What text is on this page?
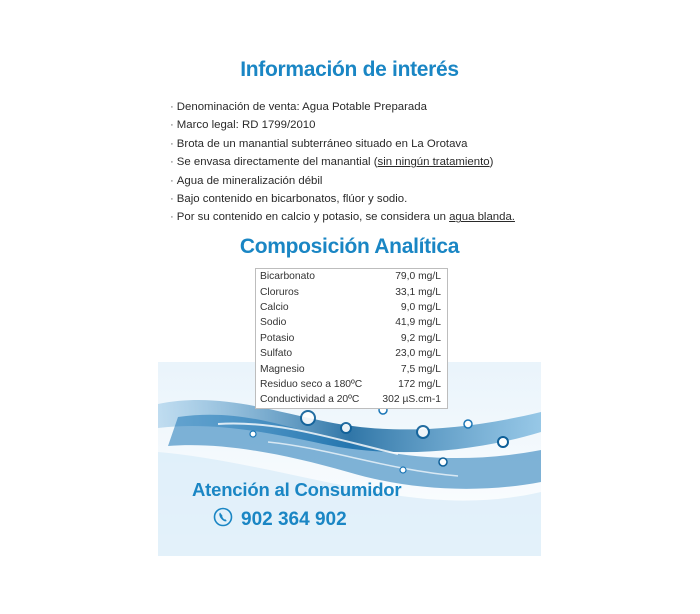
Información de interés
· Denominación de venta: Agua Potable Preparada
· Marco legal: RD 1799/2010
· Brota de un manantial subterráneo situado en La Orotava
· Se envasa directamente del manantial (sin ningún tratamiento)
· Agua de mineralización débil
· Bajo contenido en bicarbonatos, flúor y sodio.
· Por su contenido en calcio y potasio, se considera un agua blanda.
Composición Analítica
Bicarbonato	79,0 mg/L
Cloruros	33,1 mg/L
Calcio	9,0 mg/L
Sodio	41,9 mg/L
Potasio	9,2 mg/L
Sulfato	23,0 mg/L
Magnesio	7,5 mg/L
Residuo seco a 180ºC	172 mg/L
Conductividad a 20ºC	302 µS.cm-1
Atención al Consumidor
902 364 902
